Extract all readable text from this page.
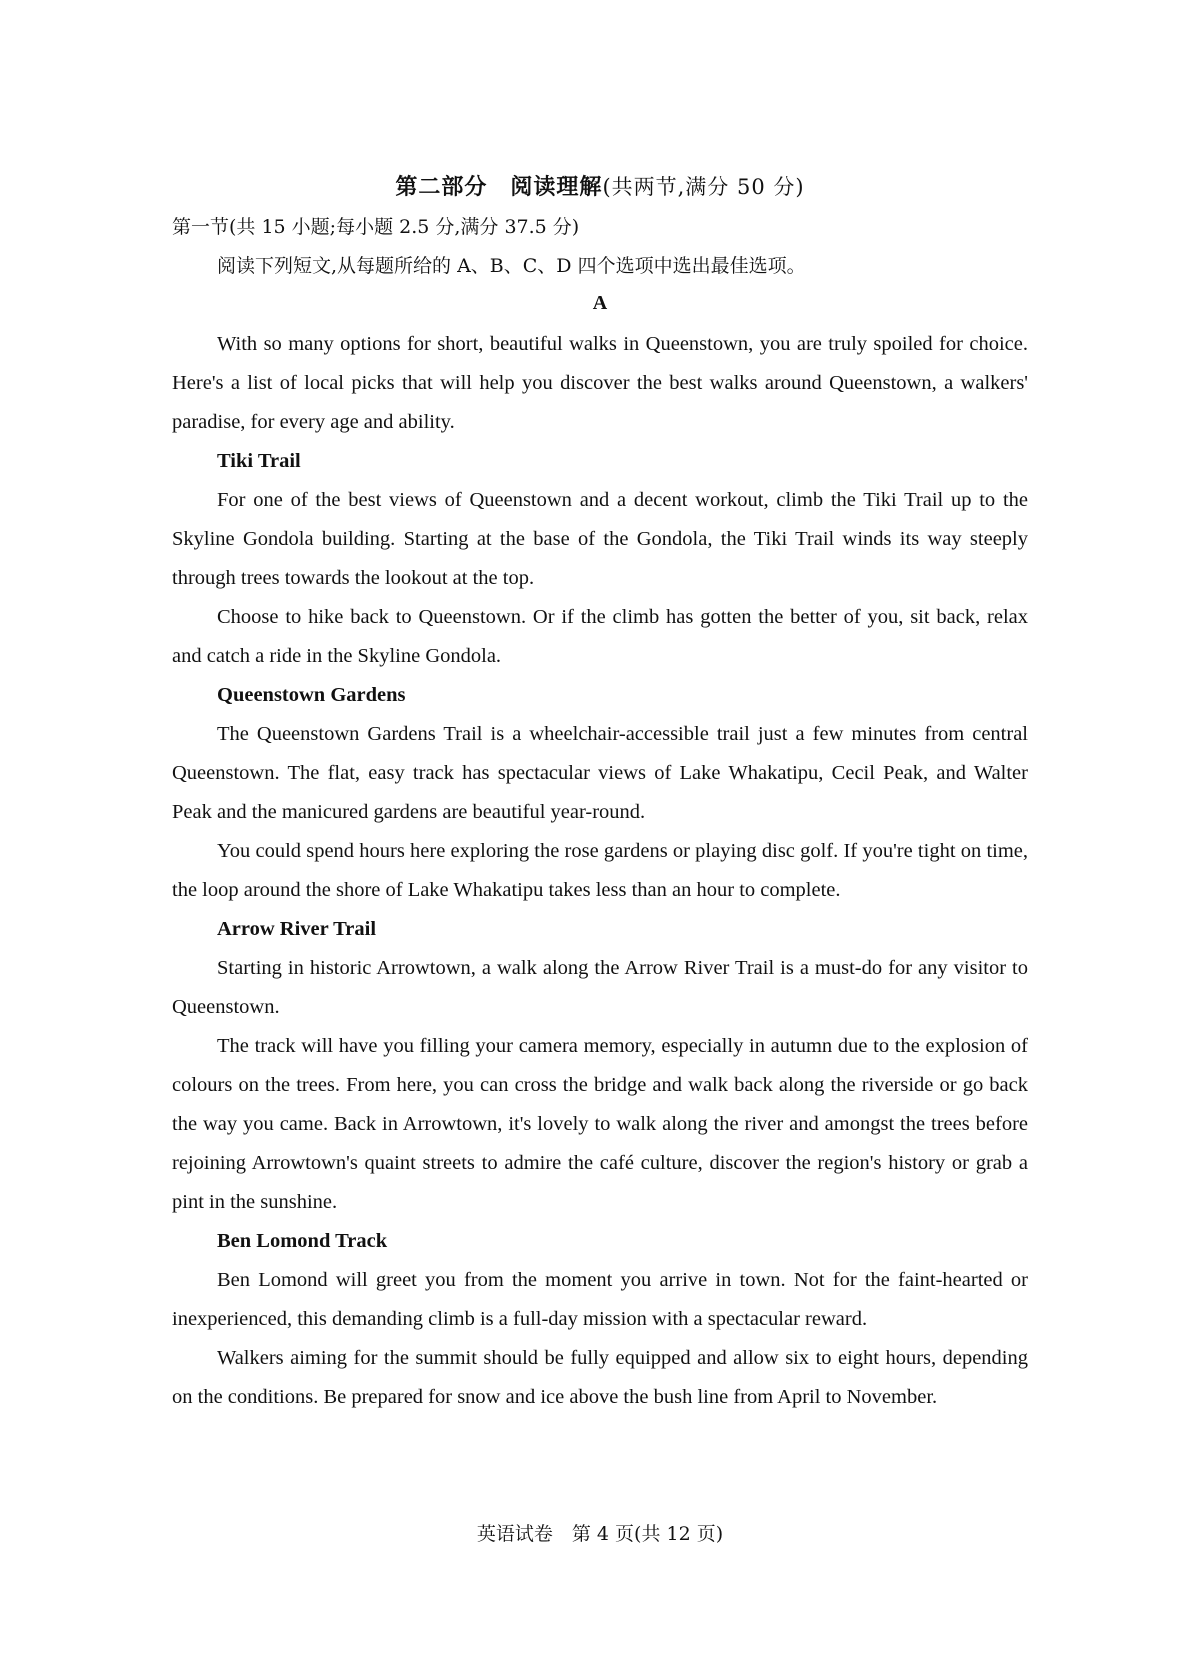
第二部分　阅读理解(共两节,满分 50 分)
第一节(共 15 小题;每小题 2.5 分,满分 37.5 分)
阅读下列短文,从每题所给的 A、B、C、D 四个选项中选出最佳选项。
A

With so many options for short, beautiful walks in Queenstown, you are truly spoiled for choice. Here's a list of local picks that will help you discover the best walks around Queenstown, a walkers' paradise, for every age and ability.

Tiki Trail

For one of the best views of Queenstown and a decent workout, climb the Tiki Trail up to the Skyline Gondola building. Starting at the base of the Gondola, the Tiki Trail winds its way steeply through trees towards the lookout at the top.

Choose to hike back to Queenstown. Or if the climb has gotten the better of you, sit back, relax and catch a ride in the Skyline Gondola.

Queenstown Gardens

The Queenstown Gardens Trail is a wheelchair-accessible trail just a few minutes from central Queenstown. The flat, easy track has spectacular views of Lake Whakatipu, Cecil Peak, and Walter Peak and the manicured gardens are beautiful year-round.

You could spend hours here exploring the rose gardens or playing disc golf. If you're tight on time, the loop around the shore of Lake Whakatipu takes less than an hour to complete.

Arrow River Trail

Starting in historic Arrowtown, a walk along the Arrow River Trail is a must-do for any visitor to Queenstown.

The track will have you filling your camera memory, especially in autumn due to the explosion of colours on the trees. From here, you can cross the bridge and walk back along the riverside or go back the way you came. Back in Arrowtown, it's lovely to walk along the river and amongst the trees before rejoining Arrowtown's quaint streets to admire the café culture, discover the region's history or grab a pint in the sunshine.

Ben Lomond Track

Ben Lomond will greet you from the moment you arrive in town. Not for the faint-hearted or inexperienced, this demanding climb is a full-day mission with a spectacular reward.

Walkers aiming for the summit should be fully equipped and allow six to eight hours, depending on the conditions. Be prepared for snow and ice above the bush line from April to November.

英语试卷　第 4 页(共 12 页)
